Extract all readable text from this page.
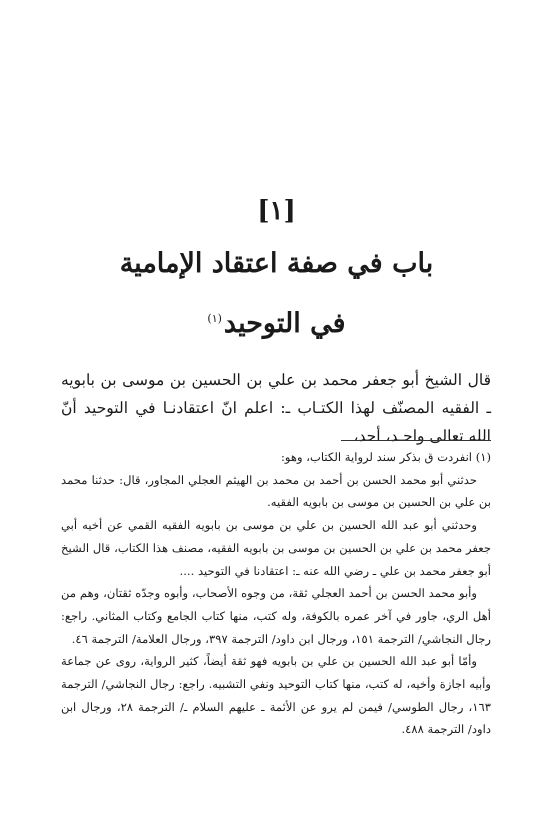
[١]
باب في صفة اعتقاد الإمامية
في التوحيد$^{(١)}$

قال الشيخ أبو جعفر محمد بن علي بن الحسين بن موسى بن بابويه ـ الفقيه المصنّف لهذا الكتـاب ـ: اعلم انّ اعتقادنـا في التوحيد أنّ الله تعالى واحـد، أحد،

(١) انفردت ق بذكر سند لرواية الكتاب، وهو:

حدثني أبو محمد الحسن بن أحمد بن محمد بن الهيثم العجلي المجاور، قال: حدثنا محمد بن علي بن الحسين بن موسى بن بابويه الفقيه.

وحدثني أبو عبد الله الحسين بن علي بن موسى بن بابويه الفقيه القمي عن أخيه أبي جعفر محمد بن علي بن الحسين بن موسى بن بابويه الفقيه، مصنف هذا الكتاب، قال الشيخ أبو جعفر محمد بن علي ـ رضي الله عنه ـ: اعتقادنا في التوحيد ....

وأبو محمد الحسن بن أحمد العجلي ثقة، من وجوه الأصحاب، وأبوه وجدّه ثقتان، وهم من أهل الري، جاور في آخر عمره بالكوفة، وله كتب، منها كتاب الجامع وكتاب المثاني. راجع: رجال النجاشي/ الترجمة ١٥١، ورجال ابن داود/ الترجمة ٣٩٧، ورجال العلامة/ الترجمة ٤٦.

وأمّا أبو عبد الله الحسين بن علي بن بابويه فهو ثقة أيضاً، كثير الرواية، روى عن جماعة وأبيه اجازة وأخيه، له كتب، منها كتاب التوحيد ونفي التشبيه. راجع: رجال النجاشي/ الترجمة ١٦٣، رجال الطوسي/ فيمن لم يرو عن الأئمة ـ عليهم السلام ـ/ الترجمة ٢٨، ورجال ابن داود/ الترجمة ٤٨٨.
